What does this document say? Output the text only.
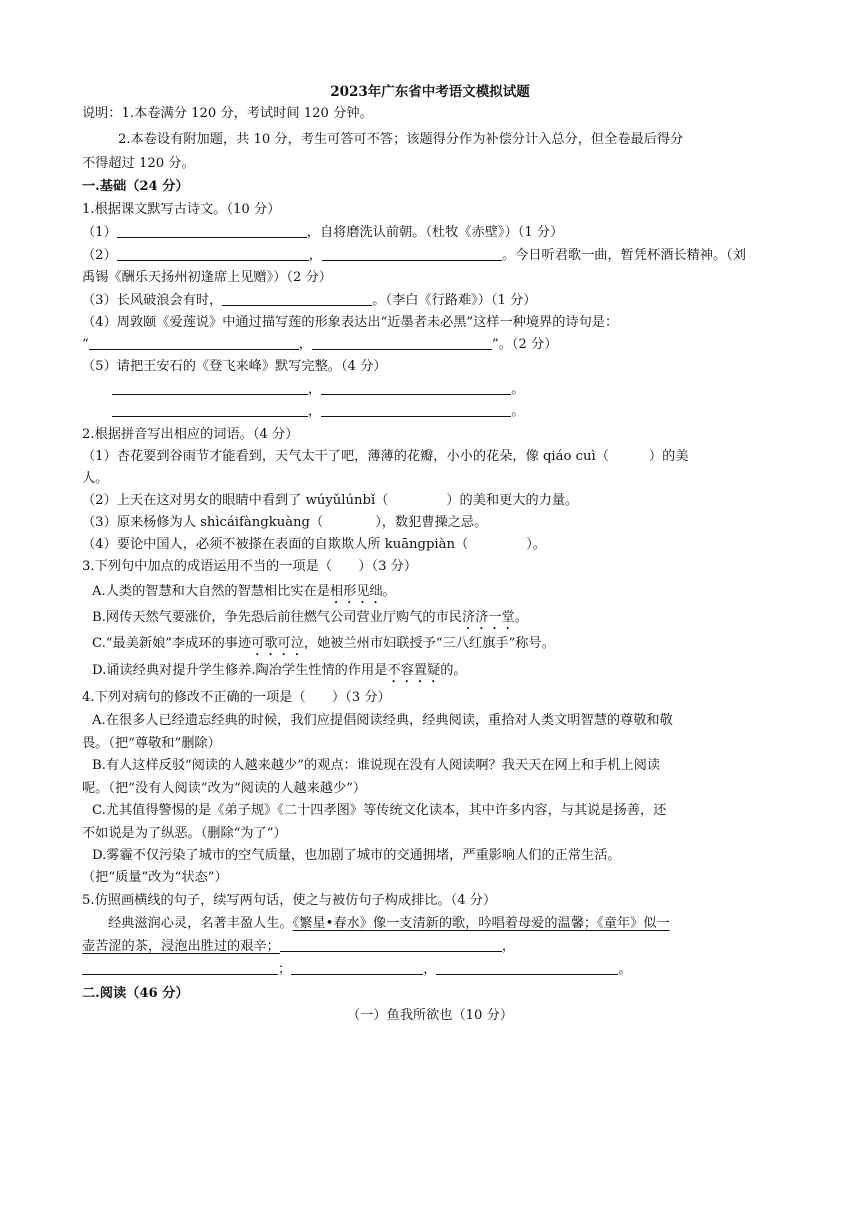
2023年广东省中考语文模拟试题
说明：1.本卷满分 120 分，考试时间 120 分钟。
2.本卷设有附加题，共 10 分，考生可答可不答；该题得分作为补偿分计入总分，但全卷最后得分
不得超过 120 分。
一.基础（24 分）
1.根据课文默写古诗文。（10 分）
（1）	，自将磨洗认前朝。（杜牧《赤壁》）（1 分）
（2）	，	。今日听君歌一曲，暂凭杯酒长精神。（刘
禹锡《酬乐天扬州初逢席上见赠》）（2 分）
（3）长风破浪会有时，	。（李白《行路难》）（1 分）
（4）周敦颐《爱莲说》中通过描写莲的形象表达出“近墨者未必黑”这样一种境界的诗句是：
“	，	”。（2 分）
（5）请把王安石的《登飞来峰》默写完整。（4 分）
，	。
，	。
2.根据拼音写出相应的词语。（4 分）
（1）杏花要到谷雨节才能看到，天气太干了吧，薄薄的花瓣，小小的花朵，像 qiáo cuì（	）的美
人。
（2）上天在这对男女的眼睛中看到了 wúyǔlúnbǐ（	）的美和更大的力量。
（3）原来杨修为人 shìcáifàngkuàng（	），数犯曹操之忌。
（4）要论中国人，必须不被搽在表面的自欺欺人所 kuāngpiàn（	）。
3.下列句中加点的成语运用不当的一项是（　　）（3 分）
A.人类的智慧和大自然的智慧相比实在是相形见绌。
B.网传天然气要涨价，争先恐后前往燃气公司营业厅购气的市民济济一堂。
C.“最美新娘”李成环的事迹可歌可泣，她被兰州市妇联授予“三八红旗手”称号。
D.诵读经典对提升学生修养.陶冶学生性情的作用是不容置疑的。
4.下列对病句的修改不正确的一项是（　　）（3 分）
A.在很多人已经遗忘经典的时候，我们应提倡阅读经典，经典阅读，重拾对人类文明智慧的尊敬和敬
畏。（把“尊敬和”删除）
B.有人这样反驳“阅读的人越来越少”的观点：谁说现在没有人阅读啊？我天天在网上和手机上阅读
呢。（把“没有人阅读”改为“阅读的人越来越少”）
C.尤其值得警惕的是《弟子规》《二十四孝图》等传统文化读本，其中许多内容，与其说是扬善，还
不如说是为了纵恶。（删除“为了”）
D.雾霾不仅污染了城市的空气质量，也加剧了城市的交通拥堵，严重影响人们的正常生活。
（把“质量”改为“状态”）
5.仿照画横线的句子，续写两句话，使之与被仿句子构成排比。（4 分）
经典滋润心灵，名著丰盈人生。《繁星•春水》像一支清新的歌，吟唱着母爱的温馨；《童年》似一
壶苦涩的茶，浸泡出胜过的艰辛；	，
；	，	。
二.阅读（46 分）
（一）鱼我所欲也（10 分）
